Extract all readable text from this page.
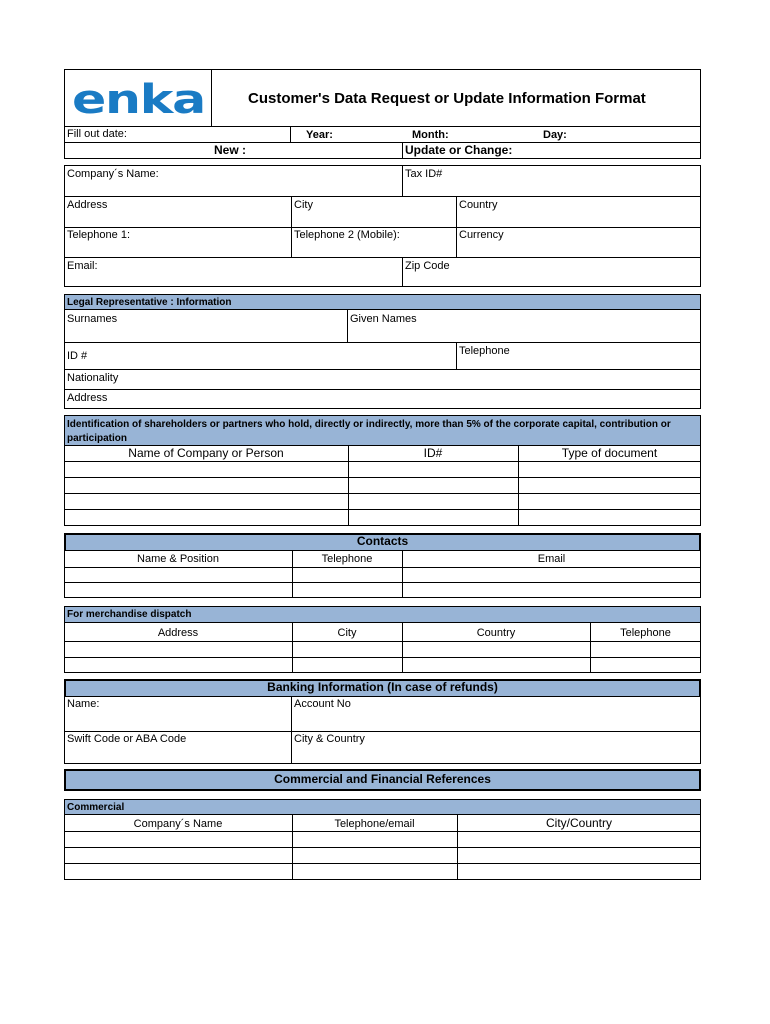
enka	Customer's Data Request or Update Information Format
Fill out date:	Year:	Month:	Day:
New :	Update or Change:
Company´s Name:	Tax ID#
Address	City	Country
Telephone 1:	Telephone 2 (Mobile):	Currency
Email:	Zip Code
Legal Representative : Information
Surnames	Given Names
ID #	Telephone
Nationality
Address
Identification of shareholders or partners who hold, directly or indirectly, more than 5% of the corporate capital, contribution or
participation
Name of Company or Person	ID#	Type of document
Contacts
Name & Position	Telephone	Email
For merchandise dispatch
Address	City	Country	Telephone
Banking Information (In case of refunds)
Name:	Account No
Swift Code or ABA Code	City & Country
Commercial and Financial References
Commercial
Company´s Name	Telephone/email	City/Country
